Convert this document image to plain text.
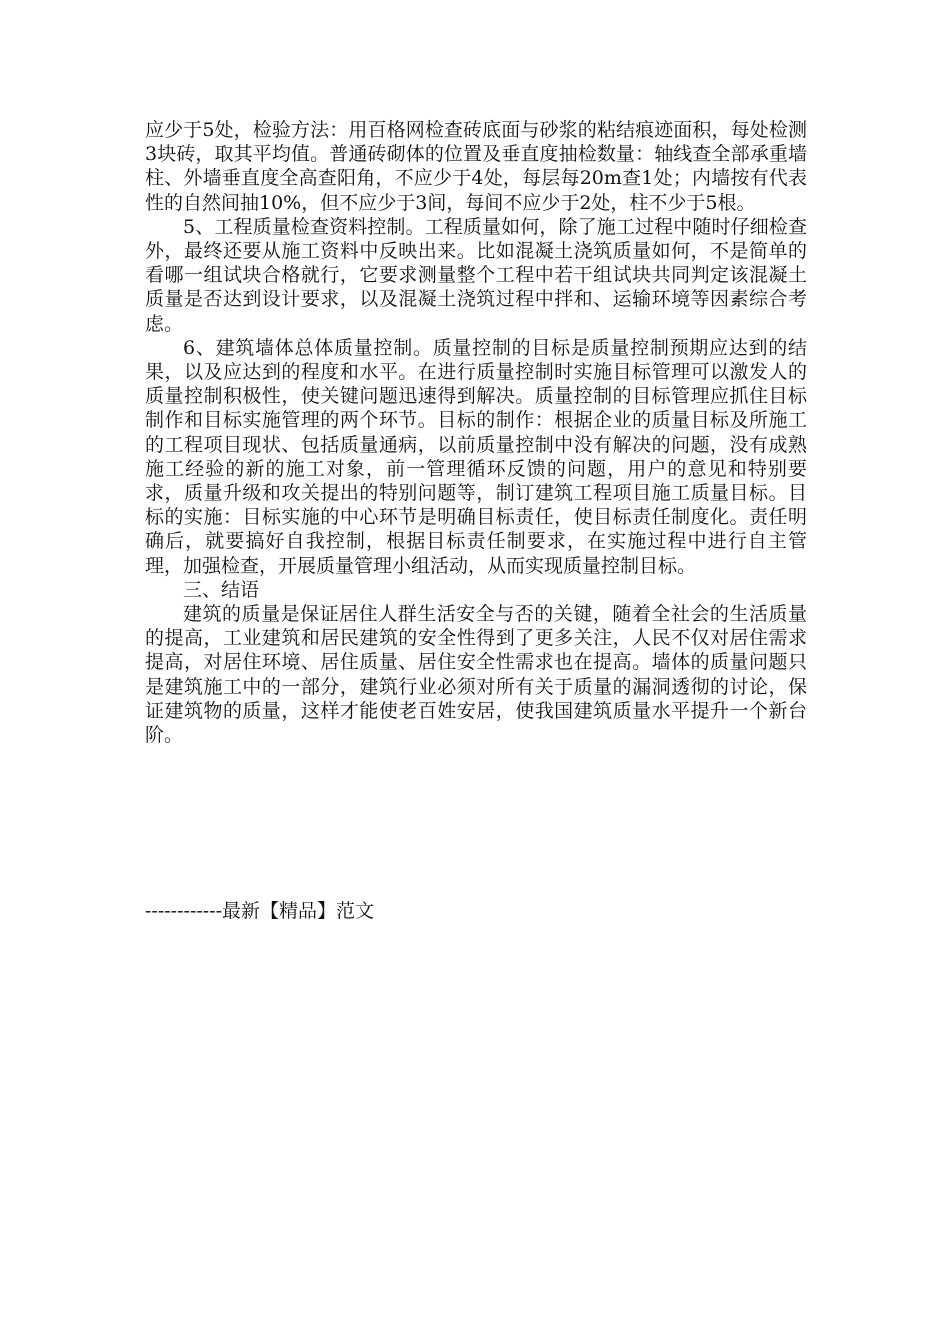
应少于5处，检验方法：用百格网检查砖底面与砂浆的粘结痕迹面积，每处检测3块砖，取其平均值。普通砖砌体的位置及垂直度抽检数量：轴线查全部承重墙柱、外墙垂直度全高查阳角，不应少于4处，每层每20m查1处；内墙按有代表性的自然间抽10%，但不应少于3间，每间不应少于2处，柱不少于5根。

5、工程质量检查资料控制。工程质量如何，除了施工过程中随时仔细检查外，最终还要从施工资料中反映出来。比如混凝土浇筑质量如何，不是简单的看哪一组试块合格就行，它要求测量整个工程中若干组试块共同判定该混凝土质量是否达到设计要求，以及混凝土浇筑过程中拌和、运输环境等因素综合考虑。

6、建筑墙体总体质量控制。质量控制的目标是质量控制预期应达到的结果，以及应达到的程度和水平。在进行质量控制时实施目标管理可以激发人的质量控制积极性，使关键问题迅速得到解决。质量控制的目标管理应抓住目标制作和目标实施管理的两个环节。目标的制作：根据企业的质量目标及所施工的工程项目现状、包括质量通病，以前质量控制中没有解决的问题，没有成熟施工经验的新的施工对象，前一管理循环反馈的问题，用户的意见和特别要求，质量升级和攻关提出的特别问题等，制订建筑工程项目施工质量目标。目标的实施：目标实施的中心环节是明确目标责任，使目标责任制度化。责任明确后，就要搞好自我控制，根据目标责任制要求，在实施过程中进行自主管理，加强检查，开展质量管理小组活动，从而实现质量控制目标。

三、结语

建筑的质量是保证居住人群生活安全与否的关键，随着全社会的生活质量的提高，工业建筑和居民建筑的安全性得到了更多关注，人民不仅对居住需求提高，对居住环境、居住质量、居住安全性需求也在提高。墙体的质量问题只是建筑施工中的一部分，建筑行业必须对所有关于质量的漏洞透彻的讨论，保证建筑物的质量，这样才能使老百姓安居，使我国建筑质量水平提升一个新台阶。

------------最新【精品】范文
